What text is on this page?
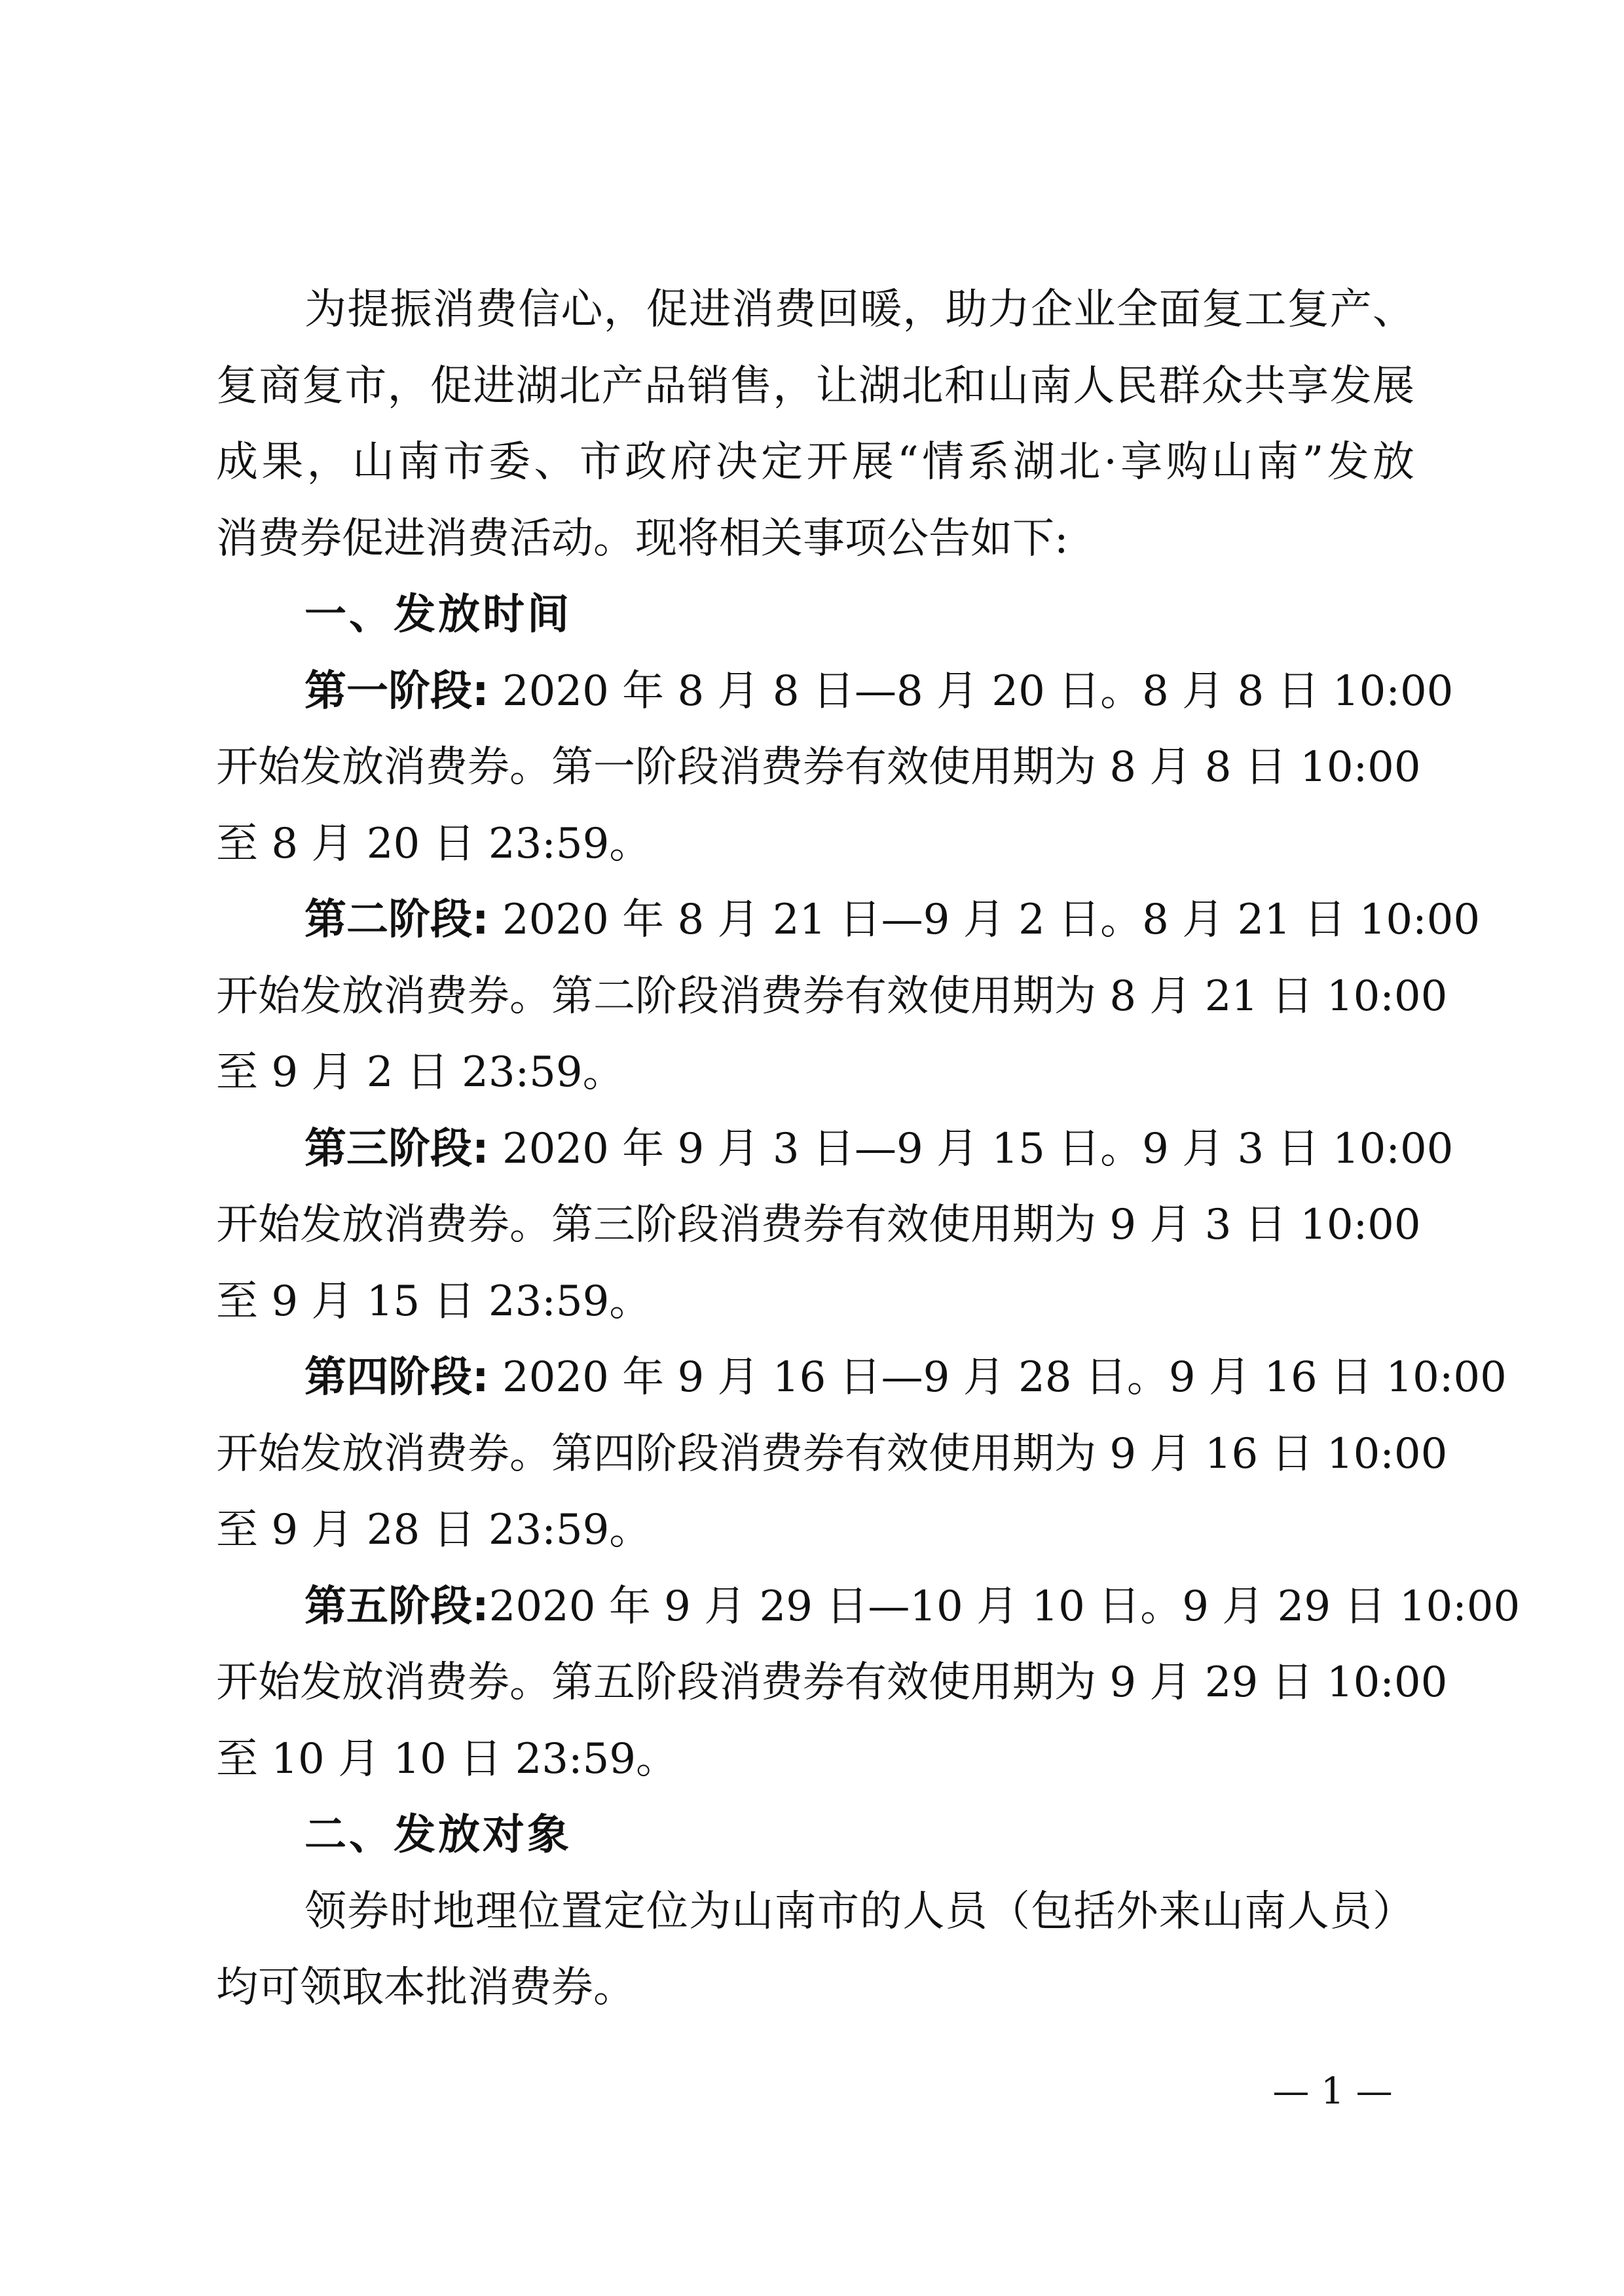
为提振消费信心，促进消费回暖，助力企业全面复工复产、
复商复市，促进湖北产品销售，让湖北和山南人民群众共享发展
成果，山南市委、市政府决定开展“情系湖北·享购山南”发放
消费券促进消费活动。现将相关事项公告如下:
一、发放时间
第一阶段: 2020 年 8 月 8 日—8 月 20 日。8 月 8 日 10:00
开始发放消费券。第一阶段消费券有效使用期为 8 月 8 日 10:00
至 8 月 20 日 23:59。
第二阶段: 2020 年 8 月 21 日—9 月 2 日。8 月 21 日 10:00
开始发放消费券。第二阶段消费券有效使用期为 8 月 21 日 10:00
至 9 月 2 日 23:59。
第三阶段: 2020 年 9 月 3 日—9 月 15 日。9 月 3 日 10:00
开始发放消费券。第三阶段消费券有效使用期为 9 月 3 日 10:00
至 9 月 15 日 23:59。
第四阶段: 2020 年 9 月 16 日—9 月 28 日。9 月 16 日 10:00
开始发放消费券。第四阶段消费券有效使用期为 9 月 16 日 10:00
至 9 月 28 日 23:59。
第五阶段:2020 年 9 月 29 日—10 月 10 日。9 月 29 日 10:00
开始发放消费券。第五阶段消费券有效使用期为 9 月 29 日 10:00
至 10 月 10 日 23:59。
二、发放对象
领券时地理位置定位为山南市的人员（包括外来山南人员）
均可领取本批消费券。
— 1 —
